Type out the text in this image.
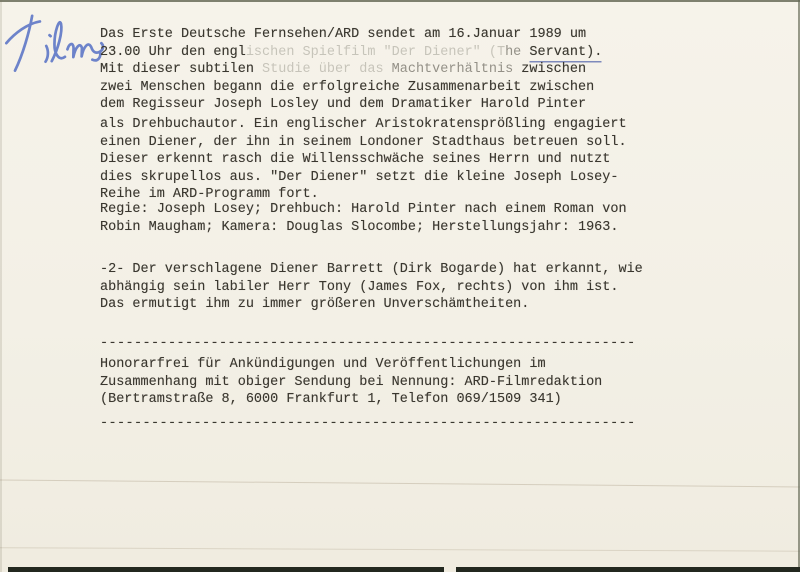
Das Erste Deutsche Fernsehen/ARD sendet am 16.Januar 1989 um
23.00 Uhr den englischen Spielfilm "Der Diener" (The Servant).
Mit dieser subtilen Studie über das Machtverhältnis zwischen
zwei Menschen begann die erfolgreiche Zusammenarbeit zwischen
dem Regisseur Joseph Losley und dem Dramatiker Harold Pinter

als Drehbuchautor. Ein englischer Aristokratensprößling engagiert
einen Diener, der ihn in seinem Londoner Stadthaus betreuen soll.
Dieser erkennt rasch die Willensschwäche seines Herrn und nutzt
dies skrupellos aus. "Der Diener" setzt die kleine Joseph Losey-
Reihe im ARD-Programm fort.

Regie: Joseph Losey; Drehbuch: Harold Pinter nach einem Roman von
Robin Maugham; Kamera: Douglas Slocombe; Herstellungsjahr: 1963.

-2- Der verschlagene Diener Barrett (Dirk Bogarde) hat erkannt, wie
abhängig sein labiler Herr Tony (James Fox, rechts) von ihm ist.
Das ermutigt ihm zu immer größeren Unverschämtheiten.

---------------------------------------------------------------

Honorarfrei für Ankündigungen und Veröffentlichungen im
Zusammenhang mit obiger Sendung bei Nennung: ARD-Filmredaktion
(Bertramstraße 8, 6000 Frankfurt 1, Telefon 069/1509 341)

---------------------------------------------------------------
